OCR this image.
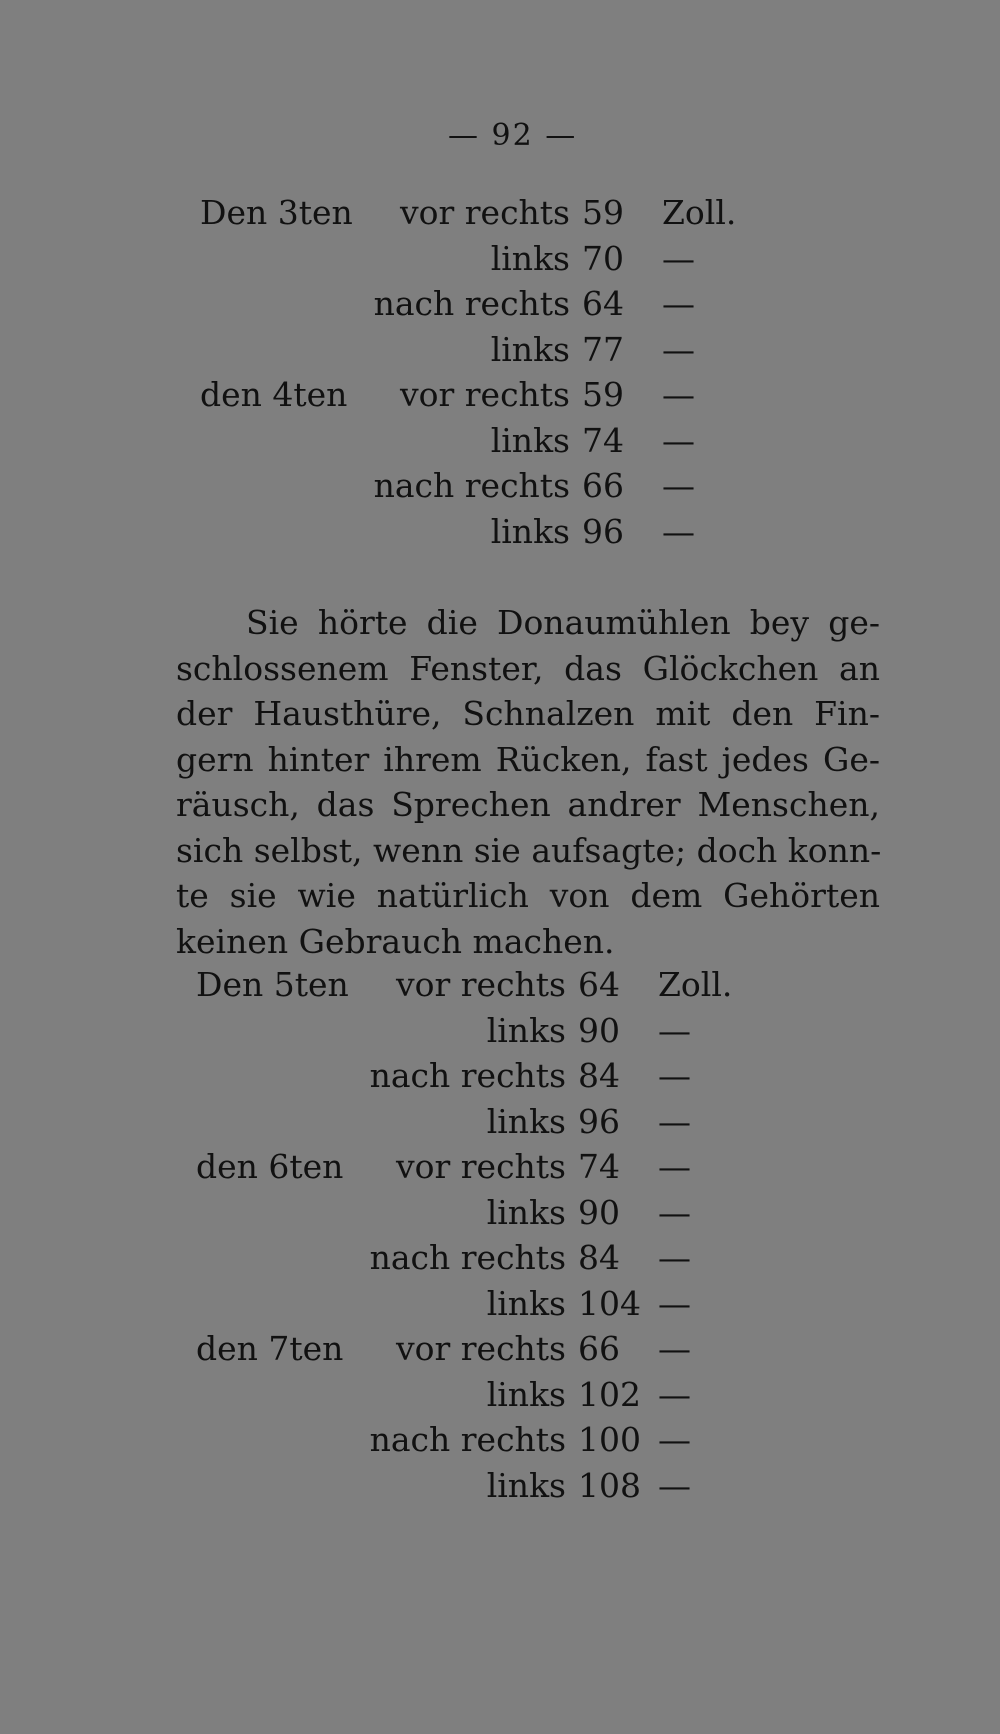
— 92 —
Den 3ten	vor rechts 59	Zoll.
links 70	—
nach rechts 64	—
links 77	—
den 4ten	vor rechts 59	—
links 74	—
nach rechts 66	—
links 96	—
Sie hörte die Donaumühlen bey ge-
schlossenem Fenster, das Glöckchen an
der Hausthüre, Schnalzen mit den Fin-
gern hinter ihrem Rücken, fast jedes Ge-
räusch, das Sprechen andrer Menschen,
sich selbst, wenn sie aufsagte; doch konn-
te sie wie natürlich von dem Gehörten
keinen Gebrauch machen.
Den 5ten	vor rechts 64	Zoll.
links 90	—
nach rechts 84	—
links 96	—
den 6ten	vor rechts 74	—
links 90	—
nach rechts 84	—
links 104 —
den 7ten	vor rechts 66	—
links 102 —
nach rechts 100 —
links 108 —
